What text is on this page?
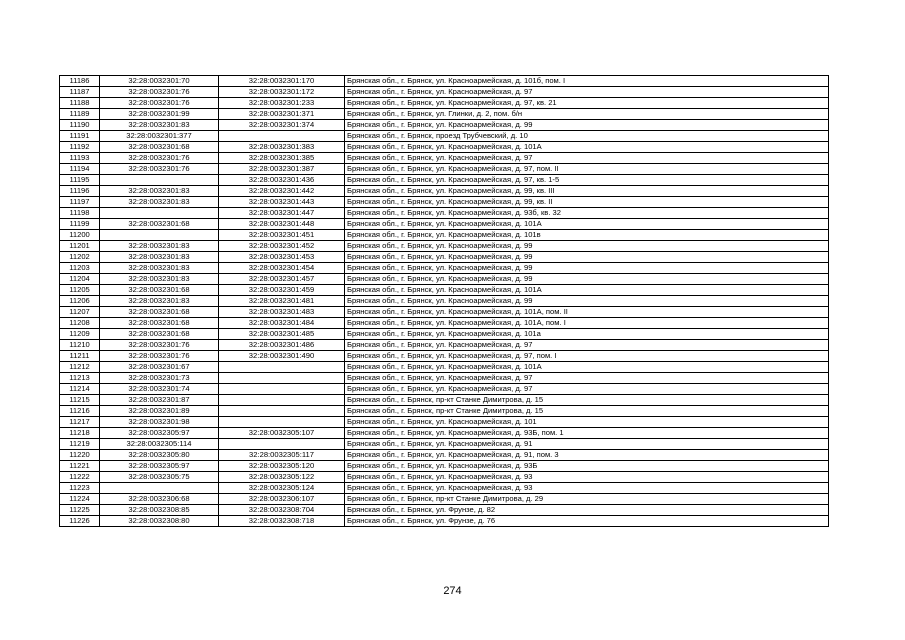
11186	32:28:0032301:70	32:28:0032301:170	Брянская обл., г. Брянск, ул. Красноармейская, д. 101б, пом. I
11187	32:28:0032301:76	32:28:0032301:172	Брянская обл., г. Брянск, ул. Красноармейская, д. 97
11188	32:28:0032301:76	32:28:0032301:233	Брянская обл., г. Брянск, ул. Красноармейская, д. 97, кв. 21
11189	32:28:0032301:99	32:28:0032301:371	Брянская обл., г. Брянск, ул. Глинки, д. 2, пом. б/н
11190	32:28:0032301:83	32:28:0032301:374	Брянская обл., г. Брянск, ул. Красноармейская, д. 99
11191	32:28:0032301:377		Брянская обл., г. Брянск, проезд Трубчевский, д. 10
11192	32:28:0032301:68	32:28:0032301:383	Брянская обл., г. Брянск, ул. Красноармейская, д. 101А
11193	32:28:0032301:76	32:28:0032301:385	Брянская обл., г. Брянск, ул. Красноармейская, д. 97
11194	32:28:0032301:76	32:28:0032301:387	Брянская обл., г. Брянск, ул. Красноармейская, д. 97, пом. II
11195		32:28:0032301:436	Брянская обл., г. Брянск, ул. Красноармейская, д. 97, кв. 1-5
11196	32:28:0032301:83	32:28:0032301:442	Брянская обл., г. Брянск, ул. Красноармейская, д. 99, кв. III
11197	32:28:0032301:83	32:28:0032301:443	Брянская обл., г. Брянск, ул. Красноармейская, д. 99, кв. II
11198		32:28:0032301:447	Брянская обл., г. Брянск, ул. Красноармейская, д. 93б, кв. 32
11199	32:28:0032301:68	32:28:0032301:448	Брянская обл., г. Брянск, ул. Красноармейская, д. 101А
11200		32:28:0032301:451	Брянская обл., г. Брянск, ул. Красноармейская, д. 101в
11201	32:28:0032301:83	32:28:0032301:452	Брянская обл., г. Брянск, ул. Красноармейская, д. 99
11202	32:28:0032301:83	32:28:0032301:453	Брянская обл., г. Брянск, ул. Красноармейская, д. 99
11203	32:28:0032301:83	32:28:0032301:454	Брянская обл., г. Брянск, ул. Красноармейская, д. 99
11204	32:28:0032301:83	32:28:0032301:457	Брянская обл., г. Брянск, ул. Красноармейская, д. 99
11205	32:28:0032301:68	32:28:0032301:459	Брянская обл., г. Брянск, ул. Красноармейская, д. 101А
11206	32:28:0032301:83	32:28:0032301:481	Брянская обл., г. Брянск, ул. Красноармейская, д. 99
11207	32:28:0032301:68	32:28:0032301:483	Брянская обл., г. Брянск, ул. Красноармейская, д. 101А, пом. II
11208	32:28:0032301:68	32:28:0032301:484	Брянская обл., г. Брянск, ул. Красноармейская, д. 101А, пом. I
11209	32:28:0032301:68	32:28:0032301:485	Брянская обл., г. Брянск, ул. Красноармейская, д. 101а
11210	32:28:0032301:76	32:28:0032301:486	Брянская обл., г. Брянск, ул. Красноармейская, д. 97
11211	32:28:0032301:76	32:28:0032301:490	Брянская обл., г. Брянск, ул. Красноармейская, д. 97, пом. I
11212	32:28:0032301:67		Брянская обл., г. Брянск, ул. Красноармейская, д. 101А
11213	32:28:0032301:73		Брянская обл., г. Брянск, ул. Красноармейская, д. 97
11214	32:28:0032301:74		Брянская обл., г. Брянск, ул. Красноармейская, д. 97
11215	32:28:0032301:87		Брянская обл., г. Брянск, пр-кт Станке Димитрова, д. 15
11216	32:28:0032301:89		Брянская обл., г. Брянск, пр-кт Станке Димитрова, д. 15
11217	32:28:0032301:98		Брянская обл., г. Брянск, ул. Красноармейская, д. 101
11218	32:28:0032305:97	32:28:0032305:107	Брянская обл., г. Брянск, ул. Красноармейская, д. 93Б, пом. 1
11219	32:28:0032305:114		Брянская обл., г. Брянск, ул. Красноармейская, д. 91
11220	32:28:0032305:80	32:28:0032305:117	Брянская обл., г. Брянск, ул. Красноармейская, д. 91, пом. 3
11221	32:28:0032305:97	32:28:0032305:120	Брянская обл., г. Брянск, ул. Красноармейская, д. 93Б
11222	32:28:0032305:75	32:28:0032305:122	Брянская обл., г. Брянск, ул. Красноармейская, д. 93
11223		32:28:0032305:124	Брянская обл., г. Брянск, ул. Красноармейская, д. 93
11224	32:28:0032306:68	32:28:0032306:107	Брянская обл., г. Брянск, пр-кт Станке Димитрова, д. 29
11225	32:28:0032308:85	32:28:0032308:704	Брянская обл., г. Брянск, ул. Фрунзе, д. 82
11226	32:28:0032308:80	32:28:0032308:718	Брянская обл., г. Брянск, ул. Фрунзе, д. 76
274
